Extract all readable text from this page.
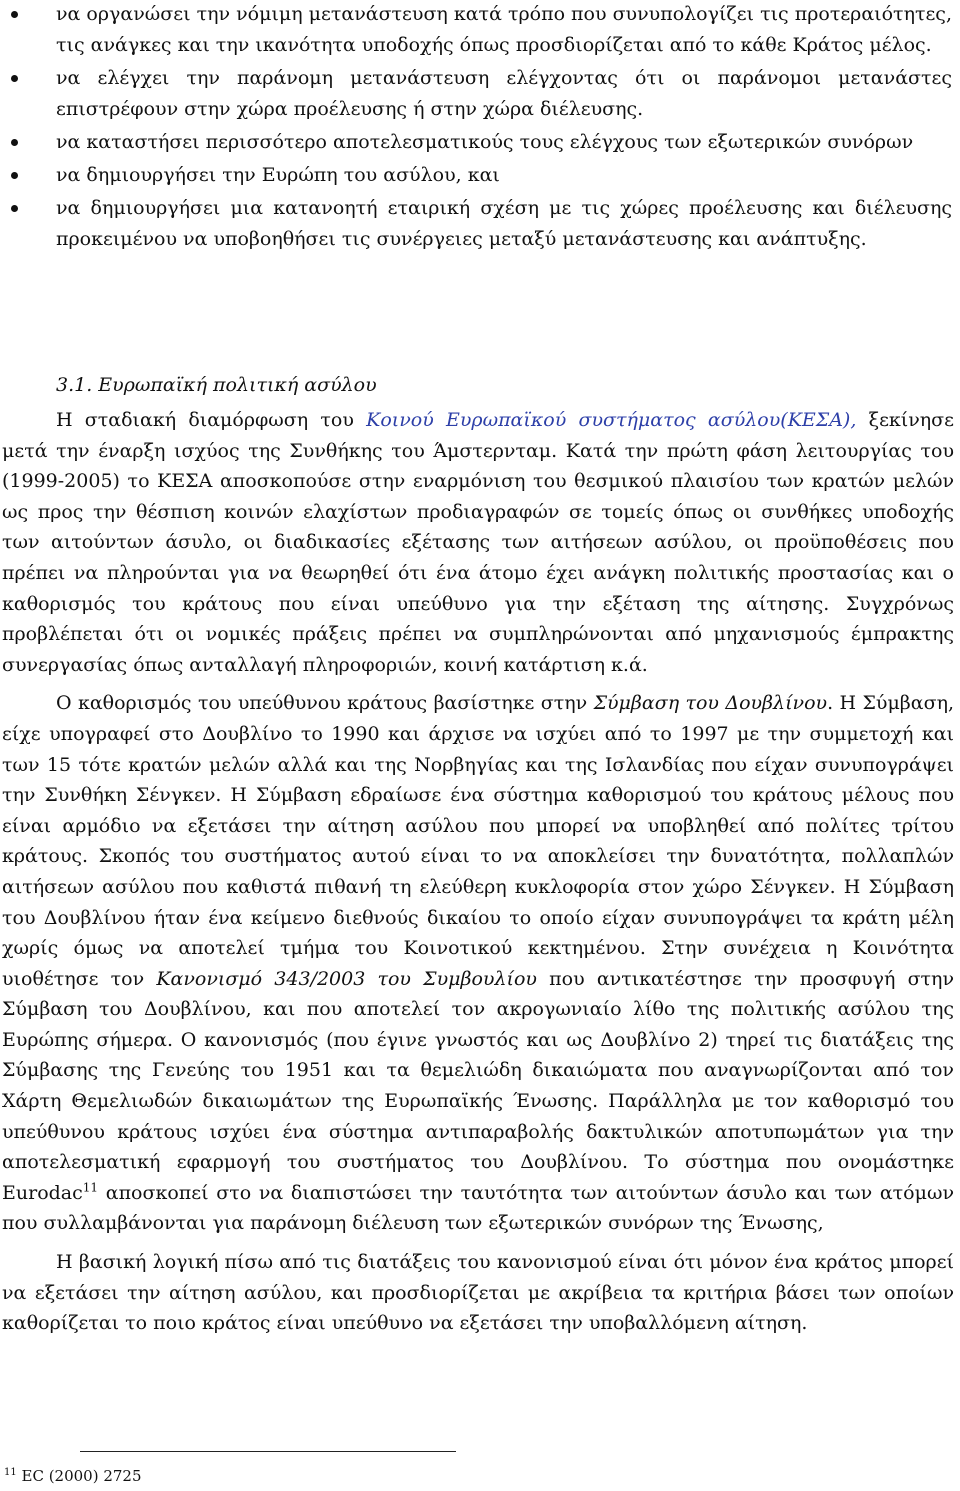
να οργανώσει την νόμιμη μετανάστευση κατά τρόπο που συνυπολογίζει τις προτεραιότητες, τις ανάγκες και την ικανότητα υποδοχής όπως προσδιορίζεται από το κάθε Κράτος μέλος.
να ελέγχει την παράνομη μετανάστευση ελέγχοντας ότι οι παράνομοι μετανάστες επιστρέφουν στην χώρα προέλευσης ή στην χώρα διέλευσης.
να καταστήσει περισσότερο αποτελεσματικούς τους ελέγχους των εξωτερικών συνόρων
να δημιουργήσει την Ευρώπη του ασύλου, και
να δημιουργήσει μια κατανοητή εταιρική σχέση με τις χώρες προέλευσης και διέλευσης προκειμένου να υποβοηθήσει τις συνέργειες μεταξύ μετανάστευσης και ανάπτυξης.
3.1. Ευρωπαϊκή πολιτική ασύλου

Η σταδιακή διαμόρφωση του Κοινού Ευρωπαϊκού συστήματος ασύλου(ΚΕΣΑ), ξεκίνησε μετά την έναρξη ισχύος της Συνθήκης του Άμστερνταμ. Κατά την πρώτη φάση λειτουργίας του (1999-2005) το ΚΕΣΑ αποσκοπούσε στην εναρμόνιση του θεσμικού πλαισίου των κρατών μελών ως προς την θέσπιση κοινών ελαχίστων προδιαγραφών σε τομείς όπως οι συνθήκες υποδοχής των αιτούντων άσυλο, οι διαδικασίες εξέτασης των αιτήσεων ασύλου, οι προϋποθέσεις που πρέπει να πληρούνται για να θεωρηθεί ότι ένα άτομο έχει ανάγκη πολιτικής προστασίας και ο καθορισμός του κράτους που είναι υπεύθυνο για την εξέταση της αίτησης. Συγχρόνως προβλέπεται ότι οι νομικές πράξεις πρέπει να συμπληρώνονται από μηχανισμούς έμπρακτης συνεργασίας όπως ανταλλαγή πληροφοριών, κοινή κατάρτιση κ.ά.

Ο καθορισμός του υπεύθυνου κράτους βασίστηκε στην Σύμβαση του Δουβλίνου. Η Σύμβαση, είχε υπογραφεί στο Δουβλίνο το 1990 και άρχισε να ισχύει από το 1997 με την συμμετοχή και των 15 τότε κρατών μελών αλλά και της Νορβηγίας και της Ισλανδίας που είχαν συνυπογράψει την Συνθήκη Σένγκεν. Η Σύμβαση εδραίωσε ένα σύστημα καθορισμού του κράτους μέλους που είναι αρμόδιο να εξετάσει την αίτηση ασύλου που μπορεί να υποβληθεί από πολίτες τρίτου κράτους. Σκοπός του συστήματος αυτού είναι το να αποκλείσει την δυνατότητα, πολλαπλών αιτήσεων ασύλου που καθιστά πιθανή τη ελεύθερη κυκλοφορία στον χώρο Σένγκεν. Η Σύμβαση του Δουβλίνου ήταν ένα κείμενο διεθνούς δικαίου το οποίο είχαν συνυπογράψει τα κράτη μέλη χωρίς όμως να αποτελεί τμήμα του Κοινοτικού κεκτημένου. Στην συνέχεια η Κοινότητα υιοθέτησε τον Κανονισμό 343/2003 του Συμβουλίου που αντικατέστησε την προσφυγή στην Σύμβαση του Δουβλίνου, και που αποτελεί τον ακρογωνιαίο λίθο της πολιτικής ασύλου της Ευρώπης σήμερα. Ο κανονισμός (που έγινε γνωστός και ως Δουβλίνο 2) τηρεί τις διατάξεις της Σύμβασης της Γενεύης του 1951 και τα θεμελιώδη δικαιώματα που αναγνωρίζονται από τον Χάρτη Θεμελιωδών δικαιωμάτων της Ευρωπαϊκής Ένωσης. Παράλληλα με τον καθορισμό του υπεύθυνου κράτους ισχύει ένα σύστημα αντιπαραβολής δακτυλικών αποτυπωμάτων για την αποτελεσματική εφαρμογή του συστήματος του Δουβλίνου. Το σύστημα που ονομάστηκε Eurodac$^{11}$ αποσκοπεί στο να διαπιστώσει την ταυτότητα των αιτούντων άσυλο και των ατόμων που συλλαμβάνονται για παράνομη διέλευση των εξωτερικών συνόρων της Ένωσης,

Η βασική λογική πίσω από τις διατάξεις του κανονισμού είναι ότι μόνον ένα κράτος μπορεί να εξετάσει την αίτηση ασύλου, και προσδιορίζεται με ακρίβεια τα κριτήρια βάσει των οποίων καθορίζεται το ποιο κράτος είναι υπεύθυνο να εξετάσει την υποβαλλόμενη αίτηση.

$^{11}$ EC (2000) 2725
